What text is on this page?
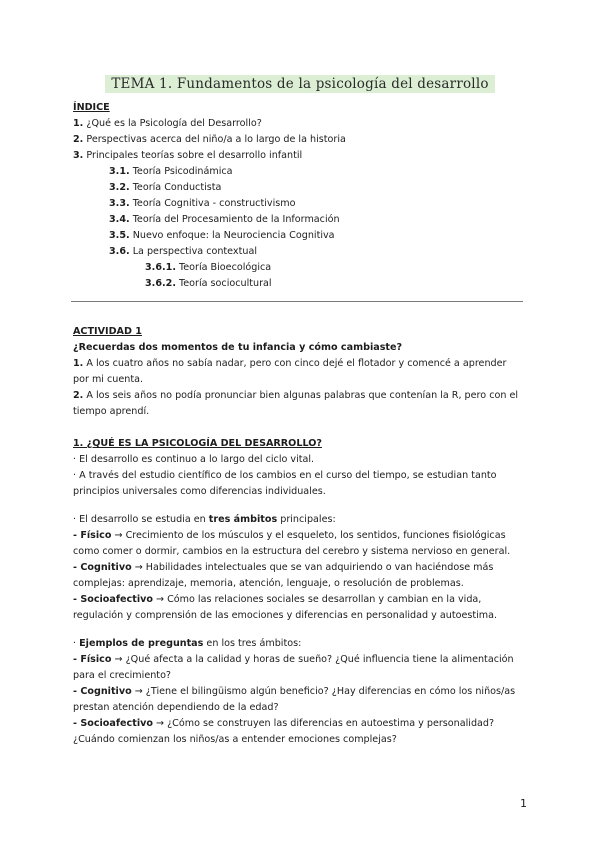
TEMA 1. Fundamentos de la psicología del desarrollo

ÍNDICE

1. ¿Qué es la Psicología del Desarrollo?

2. Perspectivas acerca del niño/a a lo largo de la historia

3. Principales teorías sobre el desarrollo infantil

3.1. Teoría Psicodinámica

3.2. Teoría Conductista

3.3. Teoría Cognitiva - constructivismo

3.4. Teoría del Procesamiento de la Información

3.5. Nuevo enfoque: la Neurociencia Cognitiva

3.6. La perspectiva contextual

3.6.1. Teoría Bioecológica

3.6.2. Teoría sociocultural

ACTIVIDAD 1

¿Recuerdas dos momentos de tu infancia y cómo cambiaste?

1. A los cuatro años no sabía nadar, pero con cinco dejé el flotador y comencé a aprender por mi cuenta.

2. A los seis años no podía pronunciar bien algunas palabras que contenían la R, pero con el tiempo aprendí.

1. ¿QUÉ ES LA PSICOLOGÍA DEL DESARROLLO?

· El desarrollo es continuo a lo largo del ciclo vital.

· A través del estudio científico de los cambios en el curso del tiempo, se estudian tanto principios universales como diferencias individuales.

· El desarrollo se estudia en tres ámbitos principales:

- Físico → Crecimiento de los músculos y el esqueleto, los sentidos, funciones fisiológicas como comer o dormir, cambios en la estructura del cerebro y sistema nervioso en general.

- Cognitivo → Habilidades intelectuales que se van adquiriendo o van haciéndose más complejas: aprendizaje, memoria, atención, lenguaje, o resolución de problemas.

- Socioafectivo → Cómo las relaciones sociales se desarrollan y cambian en la vida, regulación y comprensión de las emociones y diferencias en personalidad y autoestima.

· Ejemplos de preguntas en los tres ámbitos:

- Físico → ¿Qué afecta a la calidad y horas de sueño? ¿Qué influencia tiene la alimentación para el crecimiento?

- Cognitivo → ¿Tiene el bilingüismo algún beneficio? ¿Hay diferencias en cómo los niños/as prestan atención dependiendo de la edad?

- Socioafectivo → ¿Cómo se construyen las diferencias en autoestima y personalidad? ¿Cuándo comienzan los niños/as a entender emociones complejas?

1
